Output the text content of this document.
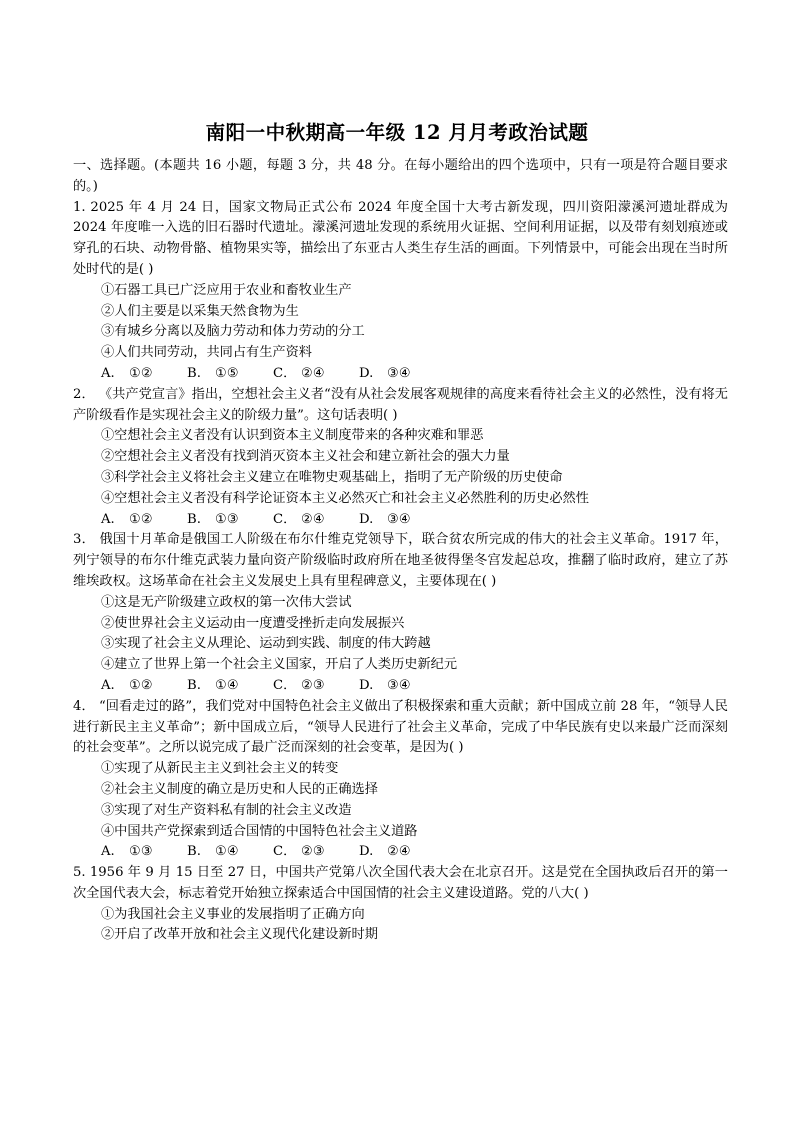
南阳一中秋期高一年级 12 月月考政治试题

一、选择题。(本题共 16 小题，每题 3 分，共 48 分。在每小题给出的四个选项中，只有一项是符合题目要求的。)

1. 2025 年 4 月 24 日，国家文物局正式公布 2024 年度全国十大考古新发现，四川资阳濛溪河遗址群成为 2024 年度唯一入选的旧石器时代遗址。濛溪河遗址发现的系统用火证据、空间利用证据，以及带有刻划痕迹或穿孔的石块、动物骨骼、植物果实等，描绘出了东亚古人类生存生活的画面。下列情景中，可能会出现在当时所处时代的是( )

①石器工具已广泛应用于农业和畜牧业生产

②人们主要是以采集天然食物为生

③有城乡分离以及脑力劳动和体力劳动的分工

④人们共同劳动，共同占有生产资料

A. ①②	B. ①⑤	C． ②④	D. ③④

2． 《共产党宣言》指出，空想社会主义者“没有从社会发展客观规律的高度来看待社会主义的必然性，没有将无产阶级看作是实现社会主义的阶级力量”。这句话表明( )

①空想社会主义者没有认识到资本主义制度带来的各种灾难和罪恶

②空想社会主义者没有找到消灭资本主义社会和建立新社会的强大力量

③科学社会主义将社会主义建立在唯物史观基础上，指明了无产阶级的历史使命

④空想社会主义者没有科学论证资本主义必然灭亡和社会主义必然胜利的历史必然性

A. ①②	B. ①③	C． ②④	D. ③④

3． 俄国十月革命是俄国工人阶级在布尔什维克党领导下，联合贫农所完成的伟大的社会主义革命。1917 年，列宁领导的布尔什维克武装力量向资产阶级临时政府所在地圣彼得堡冬宫发起总攻，推翻了临时政府，建立了苏维埃政权。这场革命在社会主义发展史上具有里程碑意义，主要体现在( )

①这是无产阶级建立政权的第一次伟大尝试

②使世界社会主义运动由一度遭受挫折走向发展振兴

③实现了社会主义从理论、运动到实践、制度的伟大跨越

④建立了世界上第一个社会主义国家，开启了人类历史新纪元

A. ①②	B. ①④	C． ②③	D. ③④

4． “回看走过的路”，我们党对中国特色社会主义做出了积极探索和重大贡献；新中国成立前 28 年，“领导人民进行新民主主义革命”；新中国成立后，“领导人民进行了社会主义革命，完成了中华民族有史以来最广泛而深刻的社会变革”。之所以说完成了最广泛而深刻的社会变革，是因为( )

①实现了从新民主主义到社会主义的转变

②社会主义制度的确立是历史和人民的正确选择

③实现了对生产资料私有制的社会主义改造

④中国共产党探索到适合国情的中国特色社会主义道路

A. ①③	B. ①④	C． ②③	D. ②④

5. 1956 年 9 月 15 日至 27 日，中国共产党第八次全国代表大会在北京召开。这是党在全国执政后召开的第一次全国代表大会，标志着党开始独立探索适合中国国情的社会主义建设道路。党的八大( )

①为我国社会主义事业的发展指明了正确方向

②开启了改革开放和社会主义现代化建设新时期
